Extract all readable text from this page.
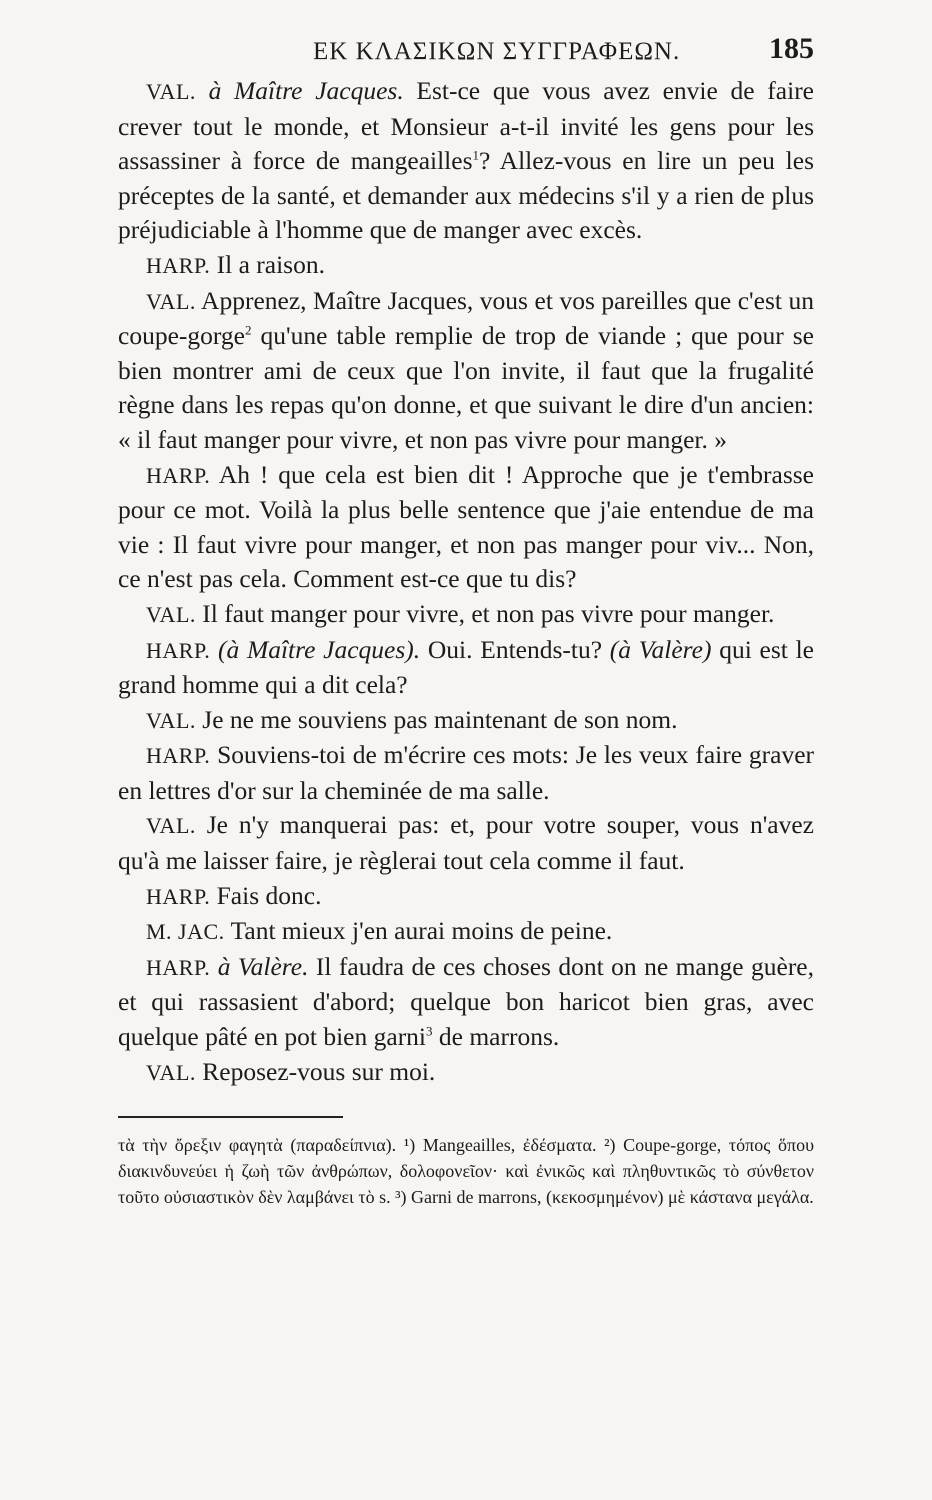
ΕΚ ΚΛΑΣΙΚΩΝ ΣΥΓΓΡΑΦΕΩΝ.	185

VAL. à Maître Jacques. Est-ce que vous avez envie de faire crever tout le monde, et Monsieur a-t-il invité les gens pour les assassiner à force de mangeailles$^1$? Allez-vous en lire un peu les préceptes de la santé, et demander aux médecins s'il y a rien de plus préjudiciable à l'homme que de manger avec excès.

HARP. Il a raison.

VAL. Apprenez, Maître Jacques, vous et vos pareilles que c'est un coupe-gorge$^2$ qu'une table remplie de trop de viande ; que pour se bien montrer ami de ceux que l'on invite, il faut que la frugalité règne dans les repas qu'on donne, et que suivant le dire d'un ancien: « il faut manger pour vivre, et non pas vivre pour manger. »

HARP. Ah ! que cela est bien dit ! Approche que je t'embrasse pour ce mot. Voilà la plus belle sentence que j'aie entendue de ma vie : Il faut vivre pour manger, et non pas manger pour viv... Non, ce n'est pas cela. Comment est-ce que tu dis?

VAL. Il faut manger pour vivre, et non pas vivre pour manger.

HARP. (à Maître Jacques). Oui. Entends-tu? (à Valère) qui est le grand homme qui a dit cela?

VAL. Je ne me souviens pas maintenant de son nom.

HARP. Souviens-toi de m'écrire ces mots: Je les veux faire graver en lettres d'or sur la cheminée de ma salle.

VAL. Je n'y manquerai pas: et, pour votre souper, vous n'avez qu'à me laisser faire, je règlerai tout cela comme il faut.

HARP. Fais donc.

M. JAC. Tant mieux j'en aurai moins de peine.

HARP. à Valère. Il faudra de ces choses dont on ne mange guère, et qui rassasient d'abord; quelque bon haricot bien gras, avec quelque pâté en pot bien garni$^3$ de marrons.

VAL. Reposez-vous sur moi.

τὰ τὴν ὄρεξιν φαγητὰ (παραδείπνια). ¹) Mangeailles, ἐδέσματα. ²) Coupe-gorge, τόπος ὅπου διακινδυνεύει ἡ ζωὴ τῶν ἀνθρώπων, δολοφονεῖον· καὶ ἐνικῶς καὶ πληθυντικῶς τὸ σύνθετον τοῦτο οὐσιαστικὸν δὲν λαμβάνει τὸ s. ³) Garni de marrons, (κεκοσμημένον) μὲ κάστανα μεγάλα.
